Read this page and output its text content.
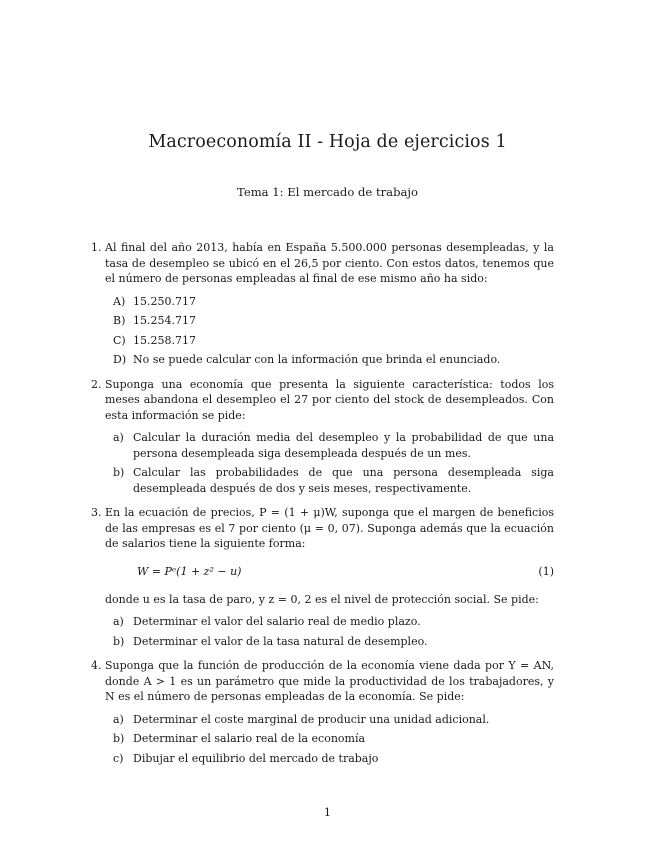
Macroeconomía II - Hoja de ejercicios 1
Tema 1: El mercado de trabajo
1. Al final del año 2013, había en España 5.500.000 personas desempleadas, y la tasa de desempleo se ubicó en el 26,5 por ciento. Con estos datos, tenemos que el número de personas empleadas al final de ese mismo año ha sido:
A) 15.250.717
B) 15.254.717
C) 15.258.717
D) No se puede calcular con la información que brinda el enunciado.
2. Suponga una economía que presenta la siguiente característica: todos los meses abandona el desempleo el 27 por ciento del stock de desempleados. Con esta información se pide:
a) Calcular la duración media del desempleo y la probabilidad de que una persona desempleada siga desempleada después de un mes.
b) Calcular las probabilidades de que una persona desempleada siga desempleada después de dos y seis meses, respectivamente.
3. En la ecuación de precios, P = (1 + μ)W, suponga que el margen de beneficios de las empresas es el 7 por ciento (μ = 0, 07). Suponga además que la ecuación de salarios tiene la siguiente forma:
W = Pᵉ(1 + z² − u)	(1)
donde u es la tasa de paro, y z = 0, 2 es el nivel de protección social. Se pide:
a) Determinar el valor del salario real de medio plazo.
b) Determinar el valor de la tasa natural de desempleo.
4. Suponga que la función de producción de la economía viene dada por Y = AN, donde A > 1 es un parámetro que mide la productividad de los trabajadores, y N es el número de personas empleadas de la economía. Se pide:
a) Determinar el coste marginal de producir una unidad adicional.
b) Determinar el salario real de la economía
c) Dibujar el equilibrio del mercado de trabajo
1
